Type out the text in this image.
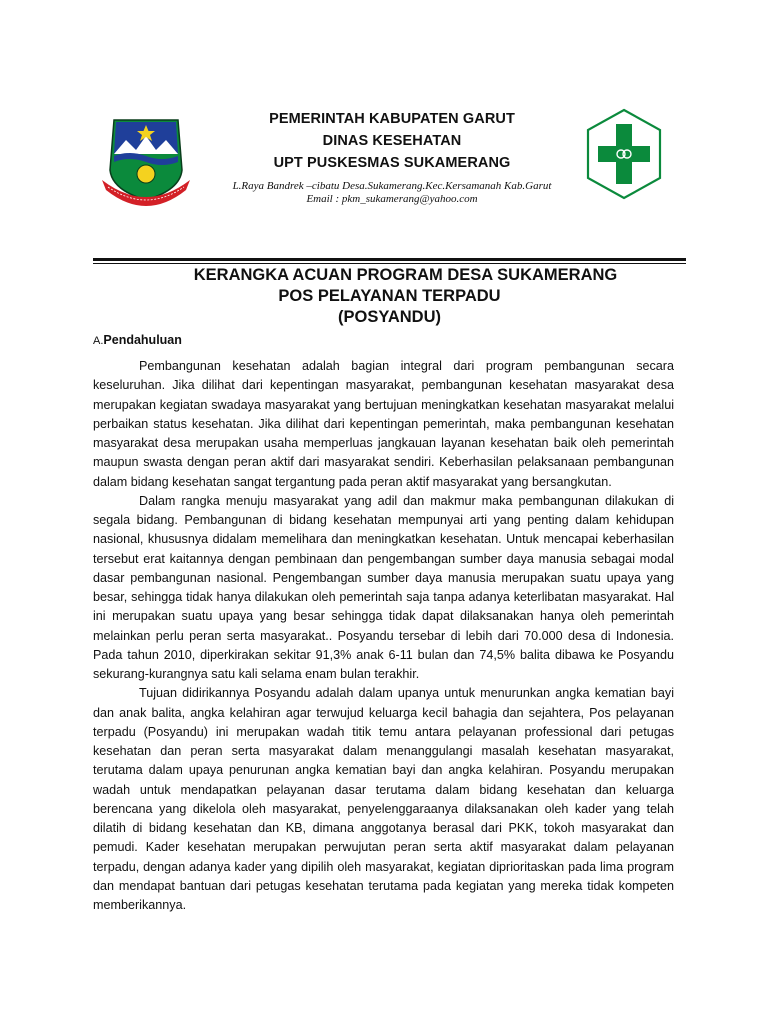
PEMERINTAH KABUPATEN GARUT
DINAS KESEHATAN
UPT PUSKESMAS SUKAMERANG
L.Raya Bandrek –cibatu Desa.Sukamerang.Kec.Kersamanah Kab.Garut
Email : pkm_sukamerang@yahoo.com
KERANGKA ACUAN PROGRAM DESA SUKAMERANG
POS PELAYANAN TERPADU
(POSYANDU)
A.Pendahuluan

Pembangunan kesehatan adalah bagian integral dari program pembangunan secara keseluruhan. Jika dilihat dari kepentingan masyarakat, pembangunan kesehatan masyarakat desa merupakan kegiatan swadaya masyarakat yang bertujuan meningkatkan kesehatan masyarakat melalui perbaikan status kesehatan. Jika dilihat dari kepentingan pemerintah, maka pembangunan kesehatan masyarakat desa merupakan usaha memperluas jangkauan layanan kesehatan baik oleh pemerintah maupun swasta dengan peran aktif dari masyarakat sendiri. Keberhasilan pelaksanaan pembangunan dalam bidang kesehatan sangat tergantung pada peran aktif masyarakat yang bersangkutan.

Dalam rangka menuju masyarakat yang adil dan makmur maka pembangunan dilakukan di segala bidang. Pembangunan di bidang kesehatan mempunyai arti yang penting dalam kehidupan nasional, khususnya didalam memelihara dan meningkatkan kesehatan. Untuk mencapai keberhasilan tersebut erat kaitannya dengan pembinaan dan pengembangan sumber daya manusia sebagai modal dasar pembangunan nasional. Pengembangan sumber daya manusia merupakan suatu upaya yang besar, sehingga tidak hanya dilakukan oleh pemerintah saja tanpa adanya keterlibatan masyarakat. Hal ini merupakan suatu upaya yang besar sehingga tidak dapat dilaksanakan hanya oleh pemerintah melainkan perlu peran serta masyarakat.. Posyandu tersebar di lebih dari 70.000 desa di Indonesia. Pada tahun 2010, diperkirakan sekitar 91,3% anak 6-11 bulan dan 74,5% balita dibawa ke Posyandu sekurang-kurangnya satu kali selama enam bulan terakhir.

Tujuan didirikannya Posyandu adalah dalam upanya untuk menurunkan angka kematian bayi dan anak balita, angka kelahiran agar terwujud keluarga kecil bahagia dan sejahtera, Pos pelayanan terpadu (Posyandu) ini merupakan wadah titik temu antara pelayanan professional dari petugas kesehatan dan peran serta masyarakat dalam menanggulangi masalah kesehatan masyarakat, terutama dalam upaya penurunan angka kematian bayi dan angka kelahiran. Posyandu merupakan wadah untuk mendapatkan pelayanan dasar terutama dalam bidang kesehatan dan keluarga berencana yang dikelola oleh masyarakat, penyelenggaraanya dilaksanakan oleh kader yang telah dilatih di bidang kesehatan dan KB, dimana anggotanya berasal dari PKK, tokoh masyarakat dan pemudi. Kader kesehatan merupakan perwujutan peran serta aktif masyarakat dalam pelayanan terpadu, dengan adanya kader yang dipilih oleh masyarakat, kegiatan diprioritaskan pada lima program dan mendapat bantuan dari petugas kesehatan terutama pada kegiatan yang mereka tidak kompeten memberikannya.
